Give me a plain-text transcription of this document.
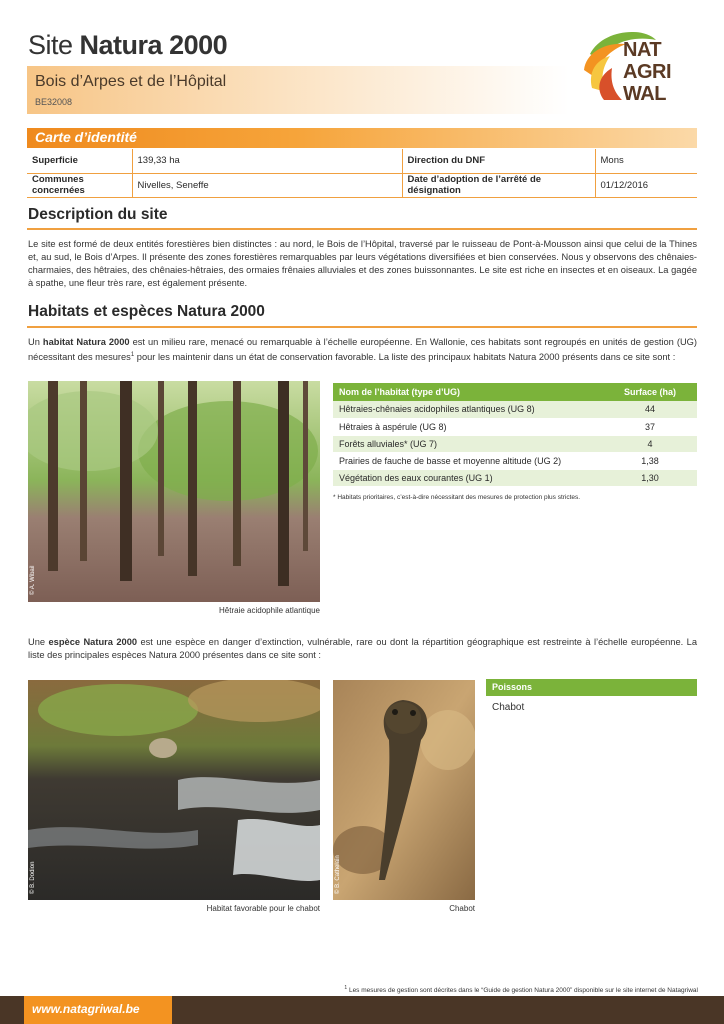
Site Natura 2000
Bois d’Arpes et de l’Hôpital
BE32008
NAT
AGRI
WAL
Carte d’identité
Superficie	139,33 ha	Direction du DNF	Mons
Communes concernées	Nivelles, Seneffe	Date d’adoption de l’arrêté de désignation	01/12/2016
Description du site
Le site est formé de deux entités forestières bien distinctes : au nord, le Bois de l’Hôpital, traversé par le ruisseau de Pont-à-Mousson ainsi que celui de la Thines et, au sud, le Bois d’Arpes. Il présente des zones forestières remarquables par leurs végétations diversifiées et bien conservées. Nous y observons des chênaies-charmaies, des hêtraies, des chênaies-hêtraies, des ormaies frênaies alluviales et des zones buissonnantes. Le site est riche en insectes et en oiseaux. La gagée à spathe, une fleur très rare, est également présente.
Habitats et espèces Natura 2000
Un habitat Natura 2000 est un milieu rare, menacé ou remarquable à l’échelle européenne. En Wallonie, ces habitats sont regroupés en unités de gestion (UG) nécessitant des mesures$^1$ pour les maintenir dans un état de conservation favorable. La liste des principaux habitats Natura 2000 présents dans ce site sont :
© A. Wibail
Hêtraie acidophile atlantique
Nom de l’habitat (type d’UG)	Surface (ha)
Hêtraies-chênaies acidophiles atlantiques (UG 8)	44
Hêtraies à aspérule (UG 8)	37
Forêts alluviales* (UG 7)	4
Prairies de fauche de basse et moyenne altitude (UG 2)	1,38
Végétation des eaux courantes (UG 1)	1,30
* Habitats prioritaires, c’est-à-dire nécessitant des mesures de protection plus strictes.
Une espèce Natura 2000 est une espèce en danger d’extinction, vulnérable, rare ou dont la répartition géographique est restreinte à l’échelle européenne. La liste des principales espèces Natura 2000 présentes dans ce site sont :
© B. Dodion
Habitat favorable pour le chabot
© B. Cathelain
Chabot
Poissons
Chabot
$^1$ Les mesures de gestion sont décrites dans le “Guide de gestion Natura 2000” disponible sur le site internet de Natagriwal
www.natagriwal.be
